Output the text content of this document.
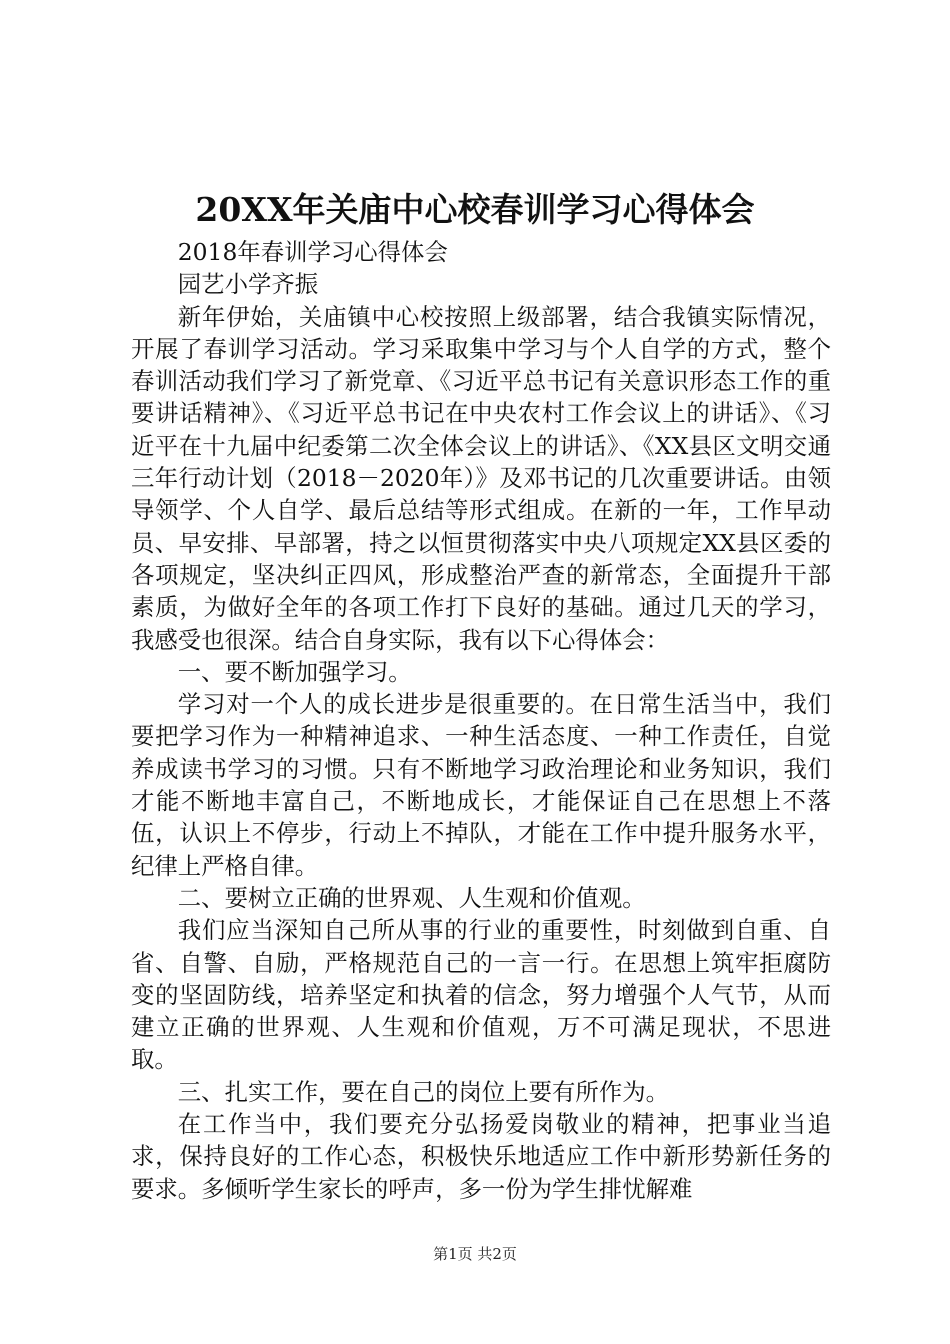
20XX年关庙中心校春训学习心得体会

2018年春训学习心得体会

园艺小学齐振

新年伊始，关庙镇中心校按照上级部署，结合我镇实际情况，开展了春训学习活动。学习采取集中学习与个人自学的方式，整个春训活动我们学习了新党章、《习近平总书记有关意识形态工作的重要讲话精神》、《习近平总书记在中央农村工作会议上的讲话》、《习近平在十九届中纪委第二次全体会议上的讲话》、《XX县区文明交通三年行动计划（2018－2020年）》及邓书记的几次重要讲话。由领导领学、个人自学、最后总结等形式组成。在新的一年，工作早动员、早安排、早部署，持之以恒贯彻落实中央八项规定XX县区委的各项规定，坚决纠正四风，形成整治严查的新常态，全面提升干部素质，为做好全年的各项工作打下良好的基础。通过几天的学习，我感受也很深。结合自身实际，我有以下心得体会：

一、要不断加强学习。

学习对一个人的成长进步是很重要的。在日常生活当中，我们要把学习作为一种精神追求、一种生活态度、一种工作责任，自觉养成读书学习的习惯。只有不断地学习政治理论和业务知识，我们才能不断地丰富自己，不断地成长，才能保证自己在思想上不落伍，认识上不停步，行动上不掉队，才能在工作中提升服务水平，纪律上严格自律。

二、要树立正确的世界观、人生观和价值观。

我们应当深知自己所从事的行业的重要性，时刻做到自重、自省、自警、自励，严格规范自己的一言一行。在思想上筑牢拒腐防变的坚固防线，培养坚定和执着的信念，努力增强个人气节，从而建立正确的世界观、人生观和价值观，万不可满足现状，不思进取。

三、扎实工作，要在自己的岗位上要有所作为。

在工作当中，我们要充分弘扬爱岗敬业的精神，把事业当追求，保持良好的工作心态，积极快乐地适应工作中新形势新任务的要求。多倾听学生家长的呼声，多一份为学生排忧解难

第1页 共2页
